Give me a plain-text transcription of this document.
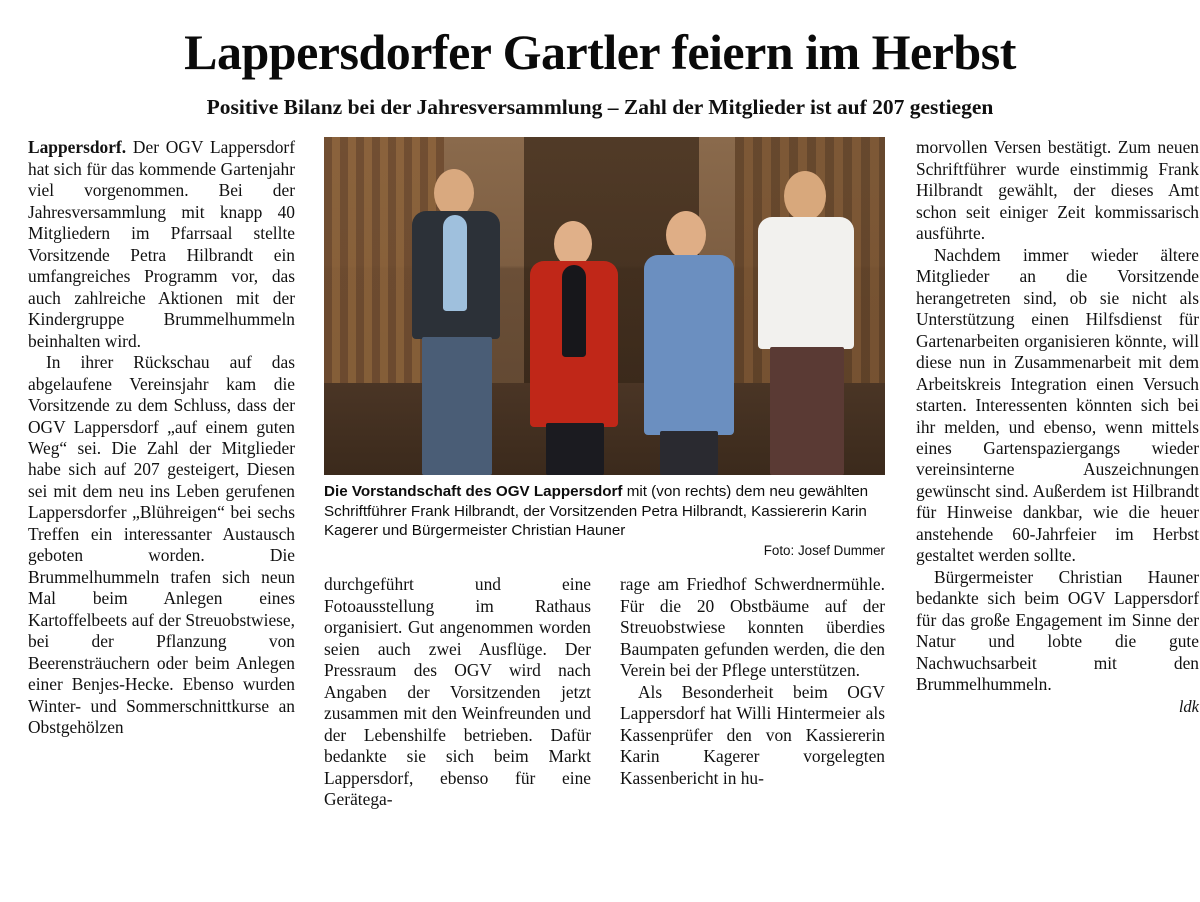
Lappersdorfer Gartler feiern im Herbst
Positive Bilanz bei der Jahresversammlung – Zahl der Mitglieder ist auf 207 gestiegen

Lappersdorf. Der OGV Lappersdorf hat sich für das kommende Gartenjahr viel vorgenommen. Bei der Jahresversammlung mit knapp 40 Mitgliedern im Pfarrsaal stellte Vorsitzende Petra Hilbrandt ein umfangreiches Programm vor, das auch zahlreiche Aktionen mit der Kindergruppe Brummelhummeln beinhalten wird.

In ihrer Rückschau auf das abgelaufene Vereinsjahr kam die Vorsitzende zu dem Schluss, dass der OGV Lappersdorf „auf einem guten Weg“ sei. Die Zahl der Mitglieder habe sich auf 207 gesteigert, Diesen sei mit dem neu ins Leben gerufenen Lappersdorfer „Blühreigen“ bei sechs Treffen ein interessanter Austausch geboten worden. Die Brummelhummeln trafen sich neun Mal beim Anlegen eines Kartoffelbeets auf der Streuobstwiese, bei der Pflanzung von Beerensträuchern oder beim Anlegen einer Benjes-Hecke. Ebenso wurden Winter- und Sommerschnittkurse an Obstgehölzen

Die Vorstandschaft des OGV Lappersdorf mit (von rechts) dem neu gewählten Schriftführer Frank Hilbrandt, der Vorsitzenden Petra Hilbrandt, Kassiererin Karin Kagerer und Bürgermeister Christian Hauner
Foto: Josef Dummer

durchgeführt und eine Fotoausstellung im Rathaus organisiert. Gut angenommen worden seien auch zwei Ausflüge. Der Pressraum des OGV wird nach Angaben der Vorsitzenden jetzt zusammen mit den Weinfreunden und der Lebenshilfe betrieben. Dafür bedankte sie sich beim Markt Lappersdorf, ebenso für eine Gerätega-

rage am Friedhof Schwerdnermühle. Für die 20 Obstbäume auf der Streuobstwiese konnten überdies Baumpaten gefunden werden, die den Verein bei der Pflege unterstützen.

Als Besonderheit beim OGV Lappersdorf hat Willi Hintermeier als Kassenprüfer den von Kassiererin Karin Kagerer vorgelegten Kassenbericht in hu-

morvollen Versen bestätigt. Zum neuen Schriftführer wurde einstimmig Frank Hilbrandt gewählt, der dieses Amt schon seit einiger Zeit kommissarisch ausführte.

Nachdem immer wieder ältere Mitglieder an die Vorsitzende herangetreten sind, ob sie nicht als Unterstützung einen Hilfsdienst für Gartenarbeiten organisieren könnte, will diese nun in Zusammenarbeit mit dem Arbeitskreis Integration einen Versuch starten. Interessenten könnten sich bei ihr melden, und ebenso, wenn mittels eines Gartenspaziergangs wieder vereinsinterne Auszeichnungen gewünscht sind. Außerdem ist Hilbrandt für Hinweise dankbar, wie die heuer anstehende 60-Jahrfeier im Herbst gestaltet werden sollte.

Bürgermeister Christian Hauner bedankte sich beim OGV Lappersdorf für das große Engagement im Sinne der Natur und lobte die gute Nachwuchsarbeit mit den Brummelhummeln.

ldk
